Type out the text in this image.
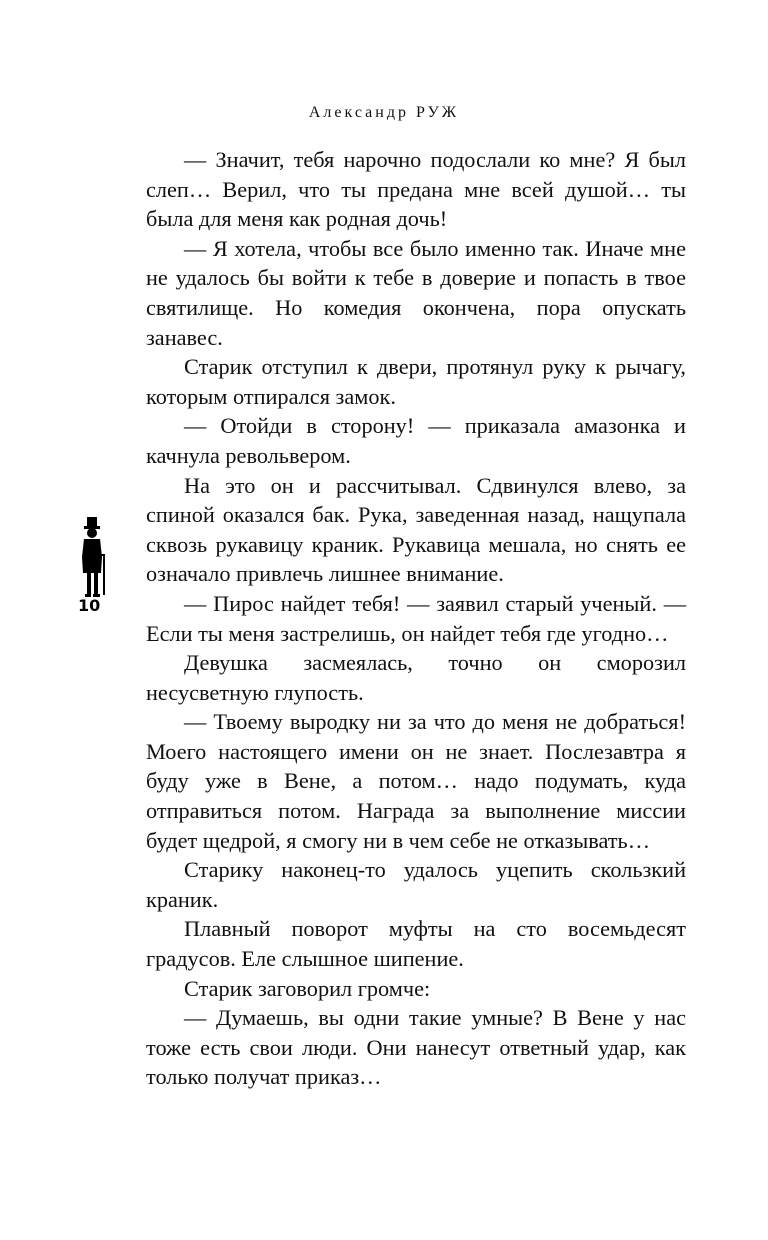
Александр РУЖ
10

— Значит, тебя нарочно подослали ко мне? Я был слеп… Верил, что ты предана мне всей душой… ты была для меня как родная дочь!

— Я хотела, чтобы все было именно так. Иначе мне не удалось бы войти к тебе в доверие и попасть в твое святилище. Но комедия окончена, пора опускать занавес.

Старик отступил к двери, протянул руку к рычагу, которым отпирался замок.

— Отойди в сторону! — приказала амазонка и качнула револьвером.

На это он и рассчитывал. Сдвинулся влево, за спиной оказался бак. Рука, заведенная назад, нащупала сквозь рукавицу краник. Рукавица мешала, но снять ее означало привлечь лишнее внимание.

— Пирос найдет тебя! — заявил старый ученый. — Если ты меня застрелишь, он найдет тебя где угодно…

Девушка засмеялась, точно он сморозил несусветную глупость.

— Твоему выродку ни за что до меня не добраться! Моего настоящего имени он не знает. Послезавтра я буду уже в Вене, а потом… надо подумать, куда отправиться потом. Награда за выполнение миссии будет щедрой, я смогу ни в чем себе не отказывать…

Старику наконец-то удалось уцепить скользкий краник.

Плавный поворот муфты на сто восемьдесят градусов. Еле слышное шипение.

Старик заговорил громче:

— Думаешь, вы одни такие умные? В Вене у нас тоже есть свои люди. Они нанесут ответный удар, как только получат приказ…
